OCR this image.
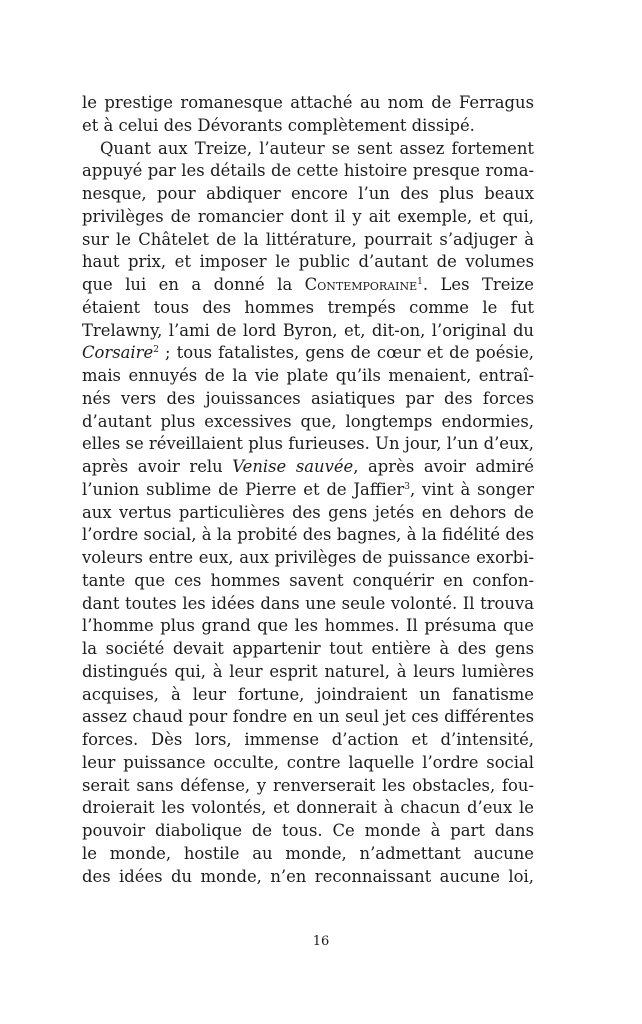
le prestige romanesque attaché au nom de Ferragus
et à celui des Dévorants complètement dissipé.
Quant aux Treize, l’auteur se sent assez fortement
appuyé par les détails de cette histoire presque roma-
nesque, pour abdiquer encore l’un des plus beaux
privilèges de romancier dont il y ait exemple, et qui,
sur le Châtelet de la littérature, pourrait s’adjuger à
haut prix, et imposer le public d’autant de volumes
que lui en a donné la Contemporaine$^1$. Les Treize
étaient tous des hommes trempés comme le fut
Trelawny, l’ami de lord Byron, et, dit-on, l’original du
Corsaire$^2$ ; tous fatalistes, gens de cœur et de poésie,
mais ennuyés de la vie plate qu’ils menaient, entraî-
nés vers des jouissances asiatiques par des forces
d’autant plus excessives que, longtemps endormies,
elles se réveillaient plus furieuses. Un jour, l’un d’eux,
après avoir relu Venise sauvée, après avoir admiré
l’union sublime de Pierre et de Jaffier$^3$, vint à songer
aux vertus particulières des gens jetés en dehors de
l’ordre social, à la probité des bagnes, à la fidélité des
voleurs entre eux, aux privilèges de puissance exorbi-
tante que ces hommes savent conquérir en confon-
dant toutes les idées dans une seule volonté. Il trouva
l’homme plus grand que les hommes. Il présuma que
la société devait appartenir tout entière à des gens
distingués qui, à leur esprit naturel, à leurs lumières
acquises, à leur fortune, joindraient un fanatisme
assez chaud pour fondre en un seul jet ces différentes
forces. Dès lors, immense d’action et d’intensité,
leur puissance occulte, contre laquelle l’ordre social
serait sans défense, y renverserait les obstacles, fou-
droierait les volontés, et donnerait à chacun d’eux le
pouvoir diabolique de tous. Ce monde à part dans
le monde, hostile au monde, n’admettant aucune
des idées du monde, n’en reconnaissant aucune loi,
16
